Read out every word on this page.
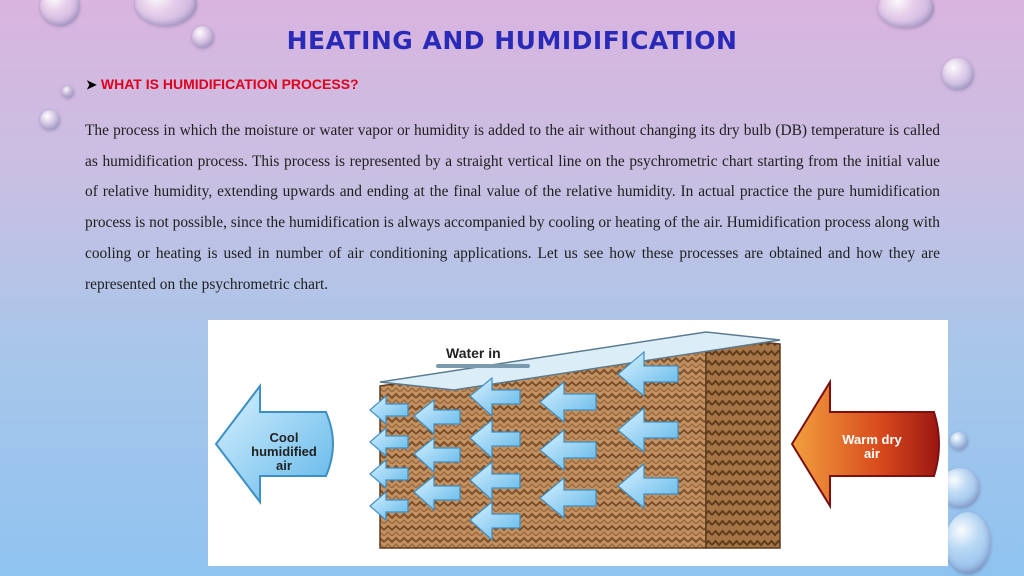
HEATING AND HUMIDIFICATION
➤ WHAT IS HUMIDIFICATION PROCESS?
The process in which the moisture or water vapor or humidity is added to the air without changing its dry bulb (DB) temperature is called as humidification process. This process is represented by a straight vertical line on the psychrometric chart starting from the initial value of relative humidity, extending upwards and ending at the final value of the relative humidity. In actual practice the pure humidification process is not possible, since the humidification is always accompanied by cooling or heating of the air. Humidification process along with cooling or heating is used in number of air conditioning applications. Let us see how these processes are obtained and how they are represented on the psychrometric chart.
Water in
Cool
humidified
air
Warm dry
air
